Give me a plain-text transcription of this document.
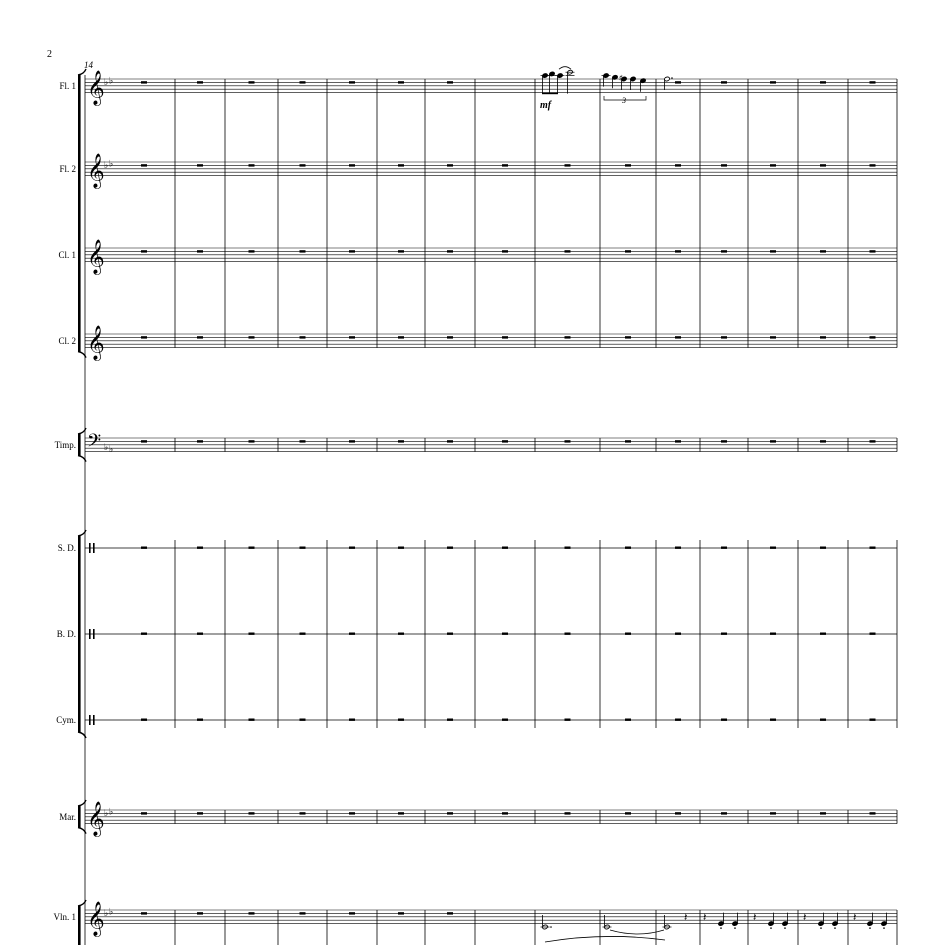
2
14
𝄞 ♭ ♭
Fl. 1
𝄞 ♭ ♭
Fl. 2
𝄞
Cl. 1
𝄞
Cl. 2
𝄢 ♭ ♭
Timp.
S. D.
B. D.
Cym.
𝄞 ♭ ♭
Mar.
𝄞 ♭ ♭
Vln. 1
mf
♯
3
𝄽 𝄽	𝄽	𝄽	𝄽
